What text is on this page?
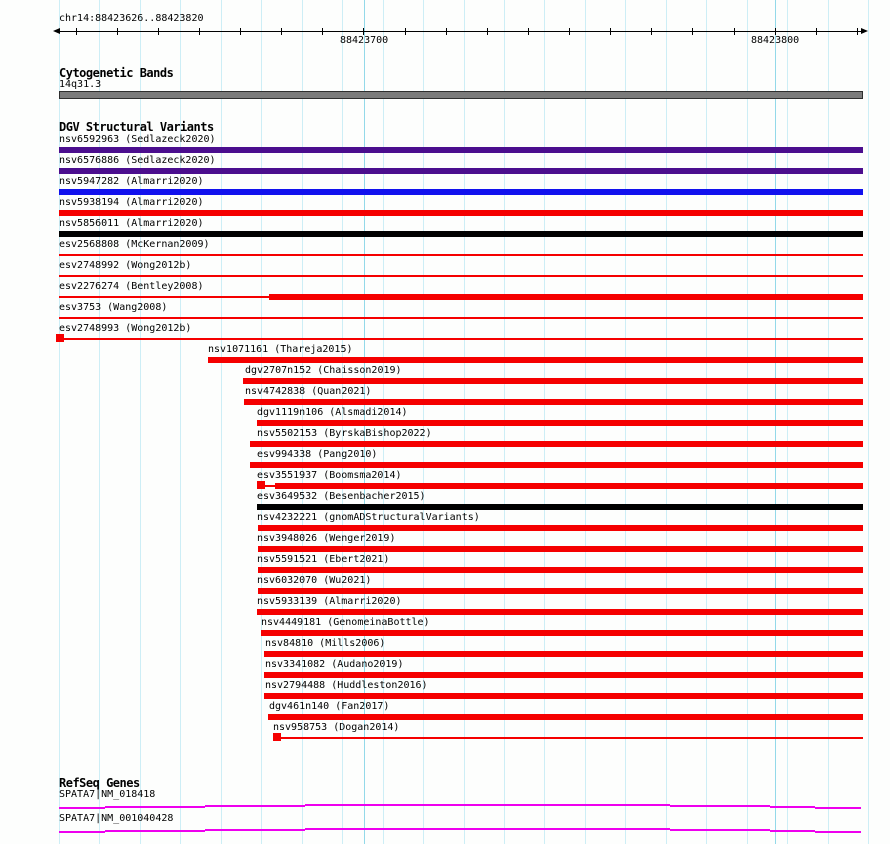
chr14:88423626..88423820
88423700	88423800
Cytogenetic Bands
14q31.3
DGV Structural Variants
nsv6592963 (Sedlazeck2020)
nsv6576886 (Sedlazeck2020)
nsv5947282 (Almarri2020)
nsv5938194 (Almarri2020)
nsv5856011 (Almarri2020)
esv2568808 (McKernan2009)
esv2748992 (Wong2012b)
esv2276274 (Bentley2008)
esv3753 (Wang2008)
esv2748993 (Wong2012b)
nsv1071161 (Thareja2015)
dgv2707n152 (Chaisson2019)
nsv4742838 (Quan2021)
dgv1119n106 (Alsmadi2014)
nsv5502153 (ByrskaBishop2022)
esv994338 (Pang2010)
esv3551937 (Boomsma2014)
esv3649532 (Besenbacher2015)
nsv4232221 (gnomADStructuralVariants)
nsv3948026 (Wenger2019)
nsv5591521 (Ebert2021)
nsv6032070 (Wu2021)
nsv5933139 (Almarri2020)
nsv4449181 (GenomeinaBottle)
nsv84810 (Mills2006)
nsv3341082 (Audano2019)
nsv2794488 (Huddleston2016)
dgv461n140 (Fan2017)
nsv958753 (Dogan2014)
RefSeq Genes
SPATA7|NM_018418
SPATA7|NM_001040428
